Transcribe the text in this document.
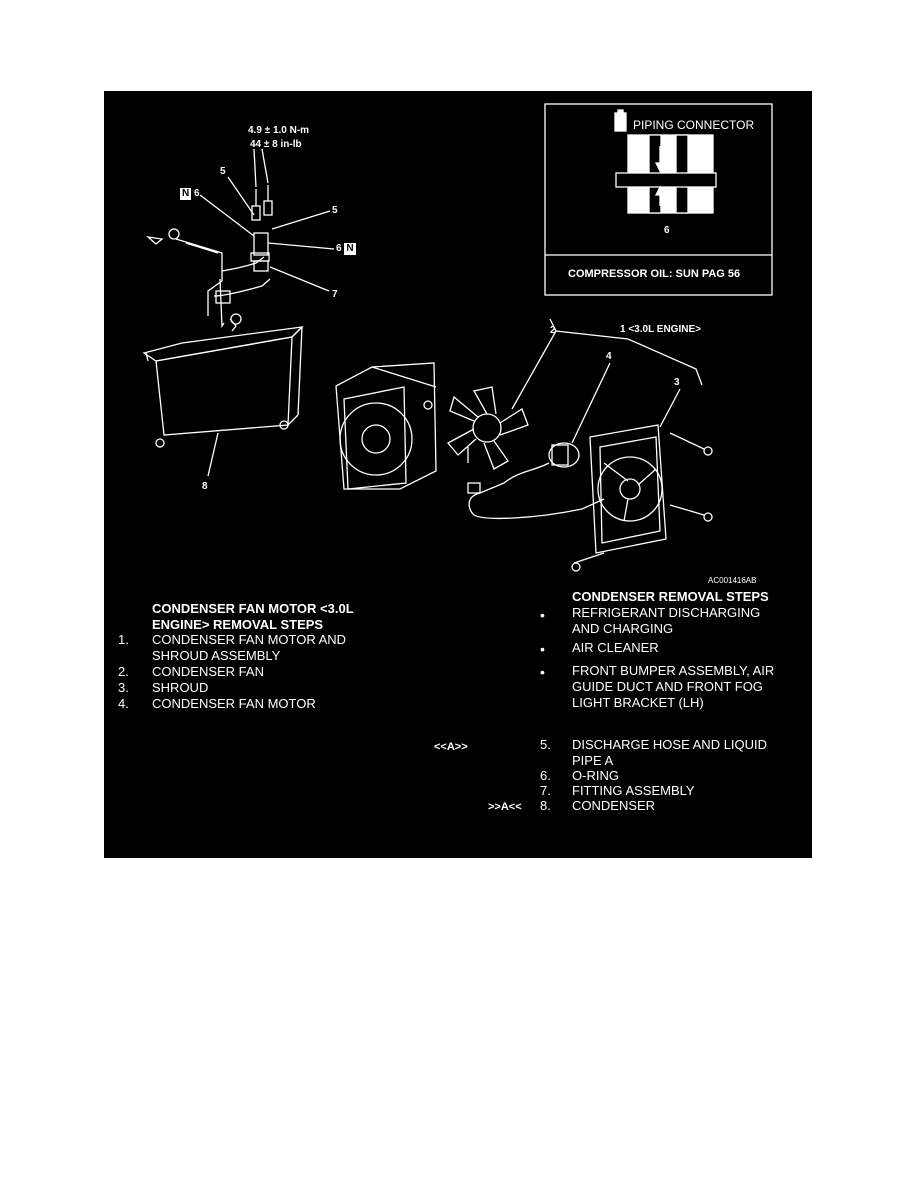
4.9 ± 1.0 N-m
44 ± 8 in-lb
5
N 6
5
6 N
7
8
1 <3.0L ENGINE>
2
3
4
PIPING CONNECTOR
6
COMPRESSOR OIL: SUN PAG 56
AC001416AB
CONDENSER FAN MOTOR <3.0L
ENGINE> REMOVAL STEPS
1.	CONDENSER FAN MOTOR AND
SHROUD ASSEMBLY
2.	CONDENSER FAN
3.	SHROUD
4.	CONDENSER FAN MOTOR
CONDENSER REMOVAL STEPS
• REFRIGERANT DISCHARGING
AND CHARGING
• AIR CLEANER
• FRONT BUMPER ASSEMBLY, AIR
GUIDE DUCT AND FRONT FOG
LIGHT BRACKET (LH)
<<A>>	5.	DISCHARGE HOSE AND LIQUID
PIPE A
6.	O-RING
7.	FITTING ASSEMBLY
>>A<< 8.	CONDENSER
